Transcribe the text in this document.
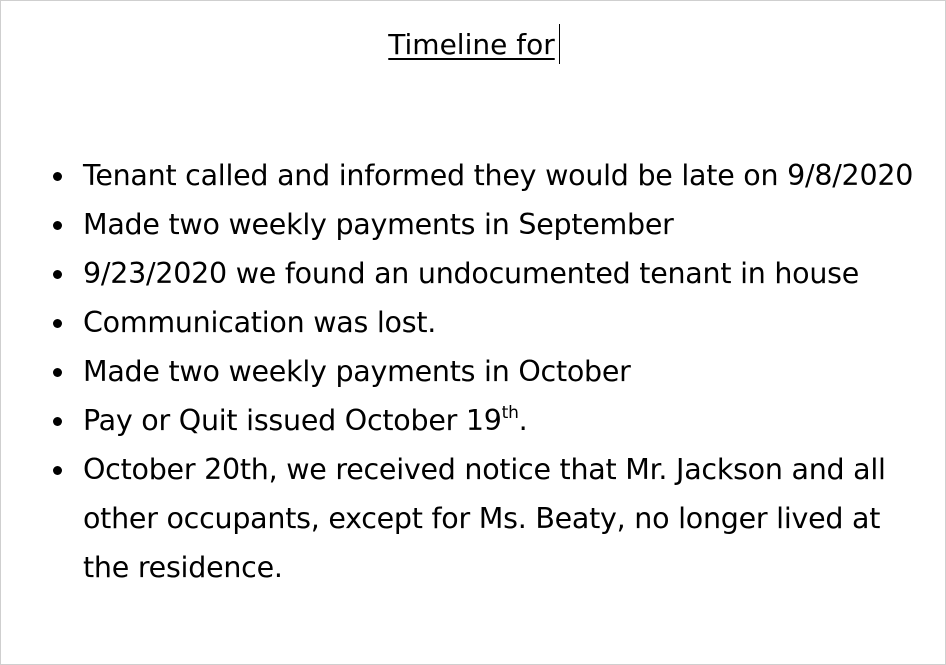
Timeline for
Tenant called and informed they would be late on 9/8/2020
Made two weekly payments in September
9/23/2020 we found an undocumented tenant in house
Communication was lost.
Made two weekly payments in October
Pay or Quit issued October 19th.
October 20th, we received notice that Mr. Jackson and all other occupants, except for Ms. Beaty, no longer lived at the residence.
